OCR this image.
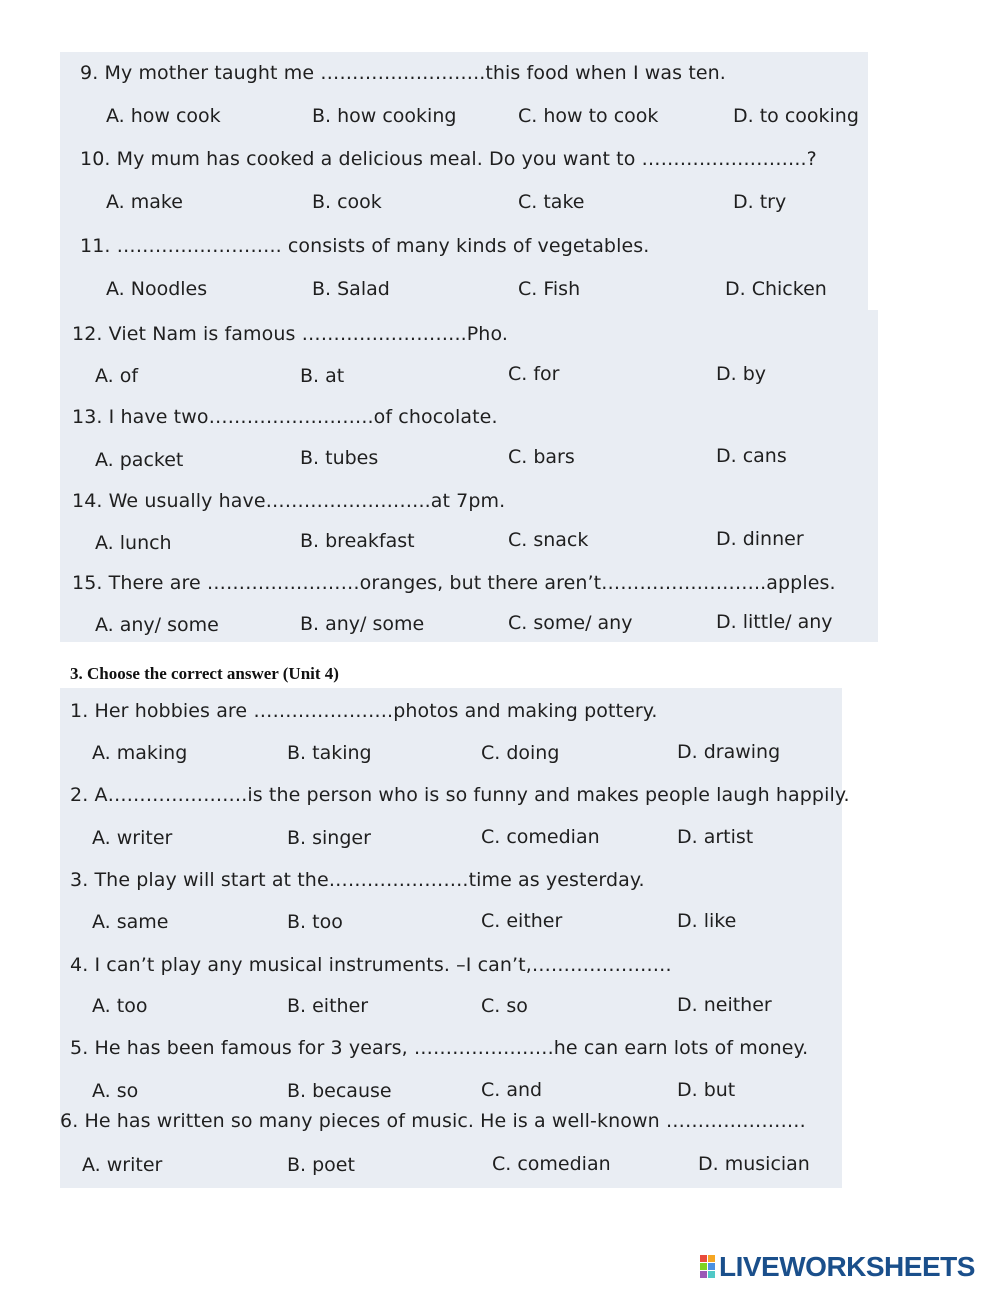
9. My mother taught me ……………………..this food when I was ten.
A. how cook	B. how cooking	C. how to cook	D. to cooking
10. My mum has cooked a delicious meal. Do you want to ……………………..?
A. make	B. cook	C. take	D. try
11. …………………….. consists of many kinds of vegetables.
A. Noodles	B. Salad	C. Fish	D. Chicken
12. Viet Nam is famous ……………………..Pho.
A. of	B. at	C. for	D. by
13. I have two……………………..of chocolate.
A. packet	B. tubes	C. bars	D. cans
14. We usually have……………………..at 7pm.
A. lunch	B. breakfast	C. snack	D. dinner
15. There are ……………………oranges, but there aren’t……………………..apples.
A. any/ some	B. any/ some	C. some/ any	D. little/ any
3. Choose the correct answer (Unit 4)
1. Her hobbies are ………………….photos and making pottery.
A. making	B. taking	C. doing	D. drawing
2. A………………….is the person who is so funny and makes people laugh happily.
A. writer	B. singer	C. comedian	D. artist
3. The play will start at the………………….time as yesterday.
A. same	B. too	C. either	D. like
4. I can’t play any musical instruments. –I can’t,………………….
A. too	B. either	C. so	D. neither
5. He has been famous for 3 years, ………………….he can earn lots of money.
A. so	B. because	C. and	D. but
6. He has written so many pieces of music. He is a well-known ………………….
A. writer	B. poet	C. comedian	D. musician
LIVEWORKSHEETS
